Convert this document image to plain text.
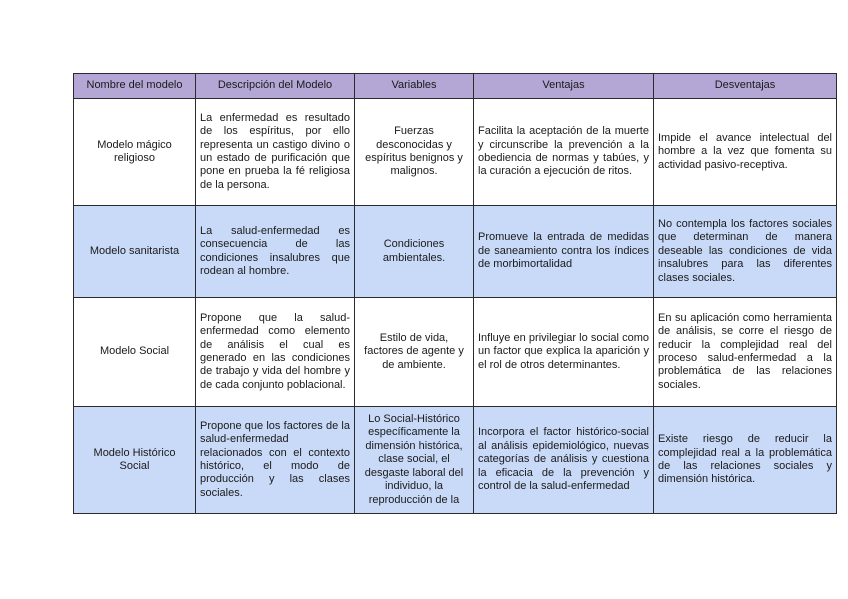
Nombre del modelo	Descripción del Modelo	Variables	Ventajas	Desventajas
Modelo mágico religioso	La enfermedad es resultado de los espíritus, por ello representa un castigo divino o un estado de purificación que pone en prueba la fé religiosa de la persona.	Fuerzas desconocidas y espíritus benignos y malignos.	Facilita la aceptación de la muerte y circunscribe la prevención a la obediencia de normas y tabúes, y la curación a ejecución de ritos.	Impide el avance intelectual del hombre a la vez que fomenta su actividad pasivo-receptiva.
Modelo sanitarista	La salud-enfermedad es consecuencia de las condiciones insalubres que rodean al hombre.	Condiciones ambientales.	Promueve la entrada de medidas de saneamiento contra los índices de morbimortalidad	No contempla los factores sociales que determinan de manera deseable las condiciones de vida insalubres para las diferentes clases sociales.
Modelo Social	Propone que la salud-enfermedad como elemento de análisis el cual es generado en las condiciones de trabajo y vida del hombre y de cada conjunto poblacional.	Estilo de vida, factores de agente y de ambiente.	Influye en privilegiar lo social como un factor que explica la aparición y el rol de otros determinantes.	En su aplicación como herramienta de análisis, se corre el riesgo de reducir la complejidad real del proceso salud-enfermedad a la problemática de las relaciones sociales.
Modelo Histórico Social	Propone que los factores de la salud-enfermedad relacionados con el contexto histórico, el modo de producción y las clases sociales.	Lo Social-Histórico específicamente la dimensión histórica, clase social, el desgaste laboral del individuo, la reproducción de la	Incorpora el factor histórico-social al análisis epidemiológico, nuevas categorías de análisis y cuestiona la eficacia de la prevención y control de la salud-enfermedad	Existe riesgo de reducir la complejidad real a la problemática de las relaciones sociales y dimensión histórica.
